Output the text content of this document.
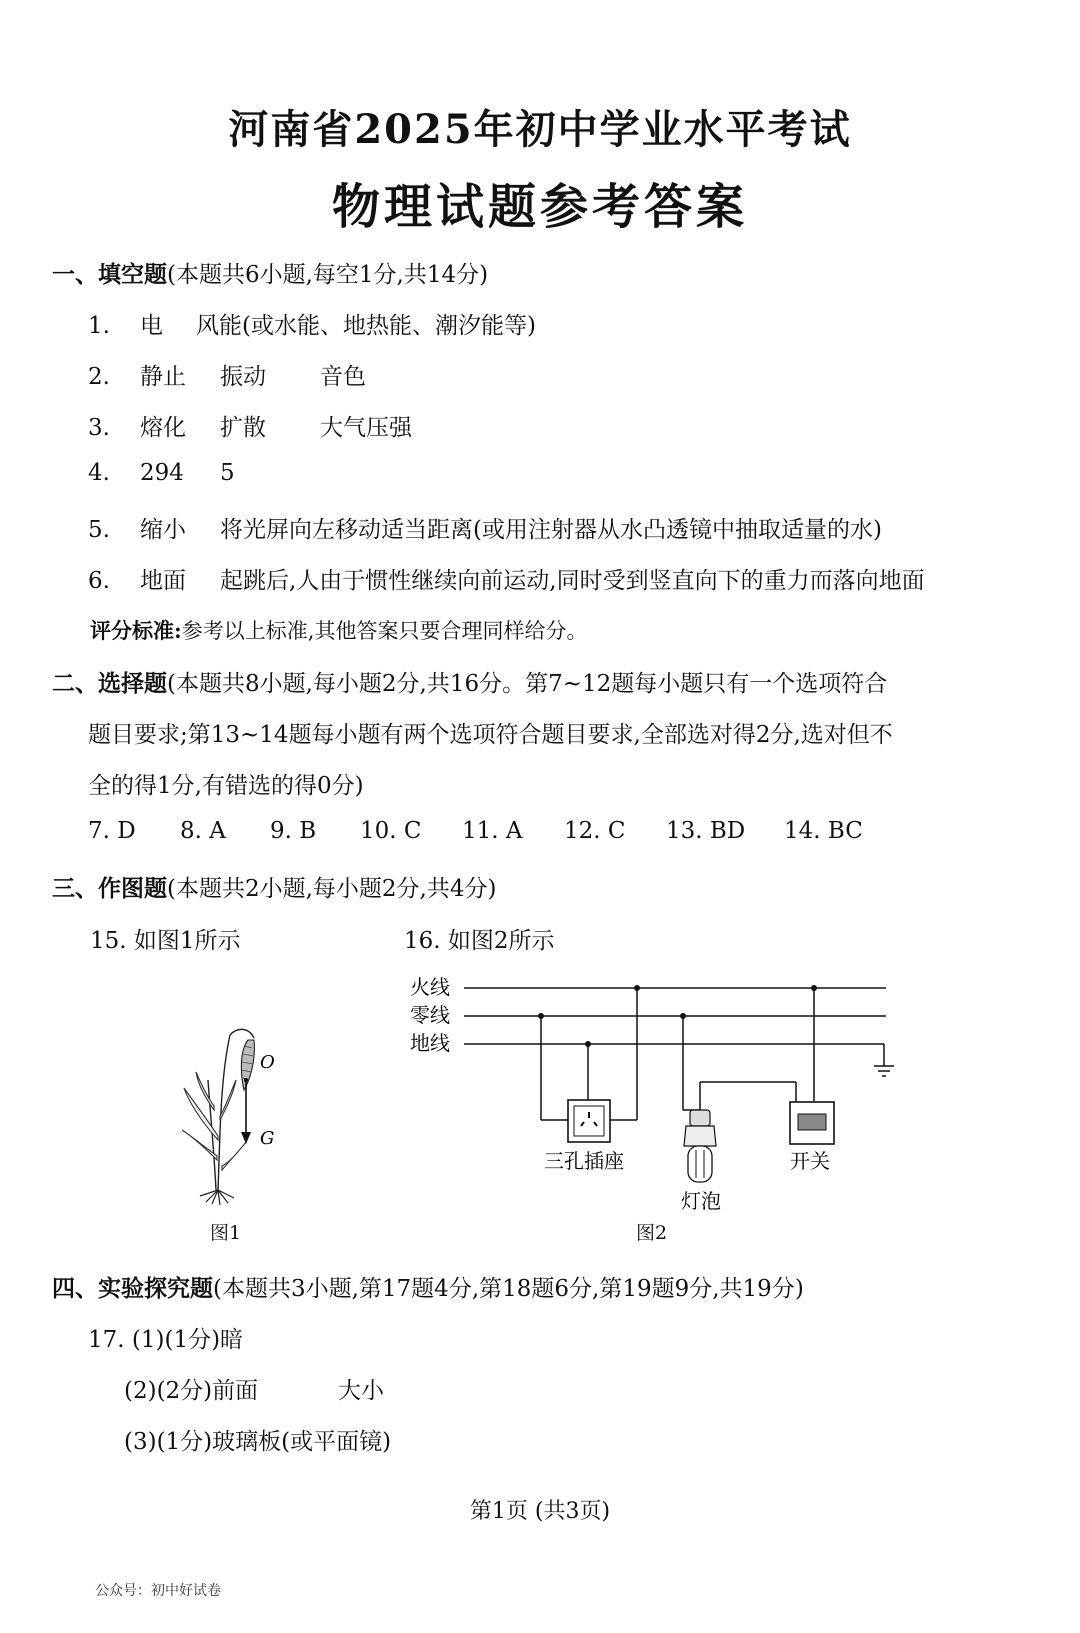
河南省2025年初中学业水平考试
物理试题参考答案
一、填空题(本题共6小题,每空1分,共14分)
1. 电 风能(或水能、地热能、潮汐能等)
2. 静止 振动 音色
3. 熔化 扩散 大气压强
4. 294 5
5. 缩小 将光屏向左移动适当距离(或用注射器从水凸透镜中抽取适量的水)
6. 地面 起跳后,人由于惯性继续向前运动,同时受到竖直向下的重力而落向地面
评分标准:参考以上标准,其他答案只要合理同样给分。
二、选择题(本题共8小题,每小题2分,共16分。第7~12题每小题只有一个选项符合
题目要求;第13~14题每小题有两个选项符合题目要求,全部选对得2分,选对但不
全的得1分,有错选的得0分)
7. D 8. A 9. B 10. C 11. A 12. C 13. BD 14. BC
三、作图题(本题共2小题,每小题2分,共4分)
15. 如图1所示	16. 如图2所示
O
G
图1
火线
零线
地线
三孔插座
灯泡
开关
图2
四、实验探究题(本题共3小题,第17题4分,第18题6分,第19题9分,共19分)
17. (1)(1分)暗
(2)(2分)前面	大小
(3)(1分)玻璃板(或平面镜)
第1页 (共3页)
公众号：初中好试卷
